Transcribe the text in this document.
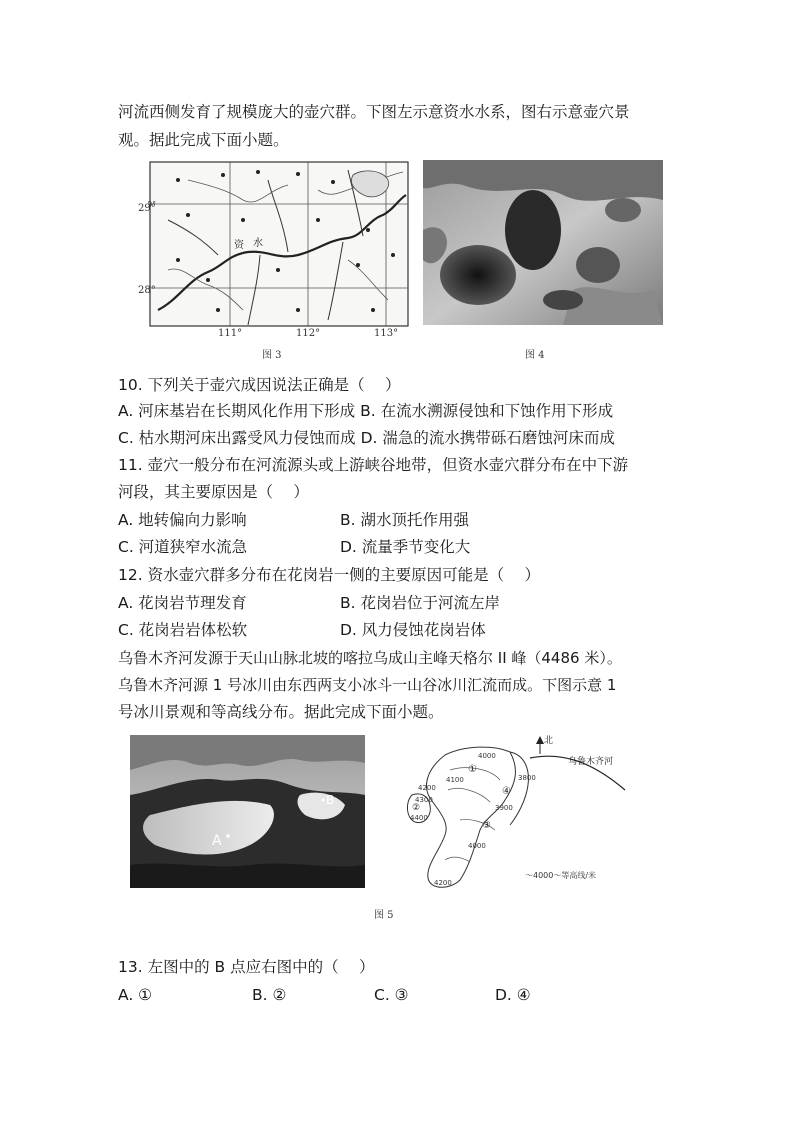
河流西侧发育了规模庞大的壶穴群。下图左示意资水水系，图右示意壶穴景
观。据此完成下面小题。
9°
资 水
29°
28°
111°	112°	113°
图 3	图 4
10. 下列关于壶穴成因说法正确是（　 ）
A. 河床基岩在长期风化作用下形成 B. 在流水溯源侵蚀和下蚀作用下形成
C. 枯水期河床出露受风力侵蚀而成 D. 湍急的流水携带砾石磨蚀河床而成
11. 壶穴一般分布在河流源头或上游峡谷地带，但资水壶穴群分布在中下游
河段，其主要原因是（　 ）
A. 地转偏向力影响	B. 湖水顶托作用强
C. 河道狭窄水流急	D. 流量季节变化大
12. 资水壶穴群多分布在花岗岩一侧的主要原因可能是（　 ）
A. 花岗岩节理发育	B. 花岗岩位于河流左岸
C. 花岗岩岩体松软	D. 风力侵蚀花岗岩体
乌鲁木齐河发源于天山山脉北坡的喀拉乌成山主峰天格尔 II 峰（4486 米）。
乌鲁木齐河源 1 号冰川由东西两支小冰斗一山谷冰川汇流而成。下图示意 1
号冰川景观和等高线分布。据此完成下面小题。
A
B
北
乌鲁木齐河
4000
4100
4200
4300
4400
3900
3800
4000
4200
①
②
③
④
～4000～等高线/米
图 5
13. 左图中的 B 点应右图中的（　 ）
A. ①	B. ②	C. ③	D. ④
